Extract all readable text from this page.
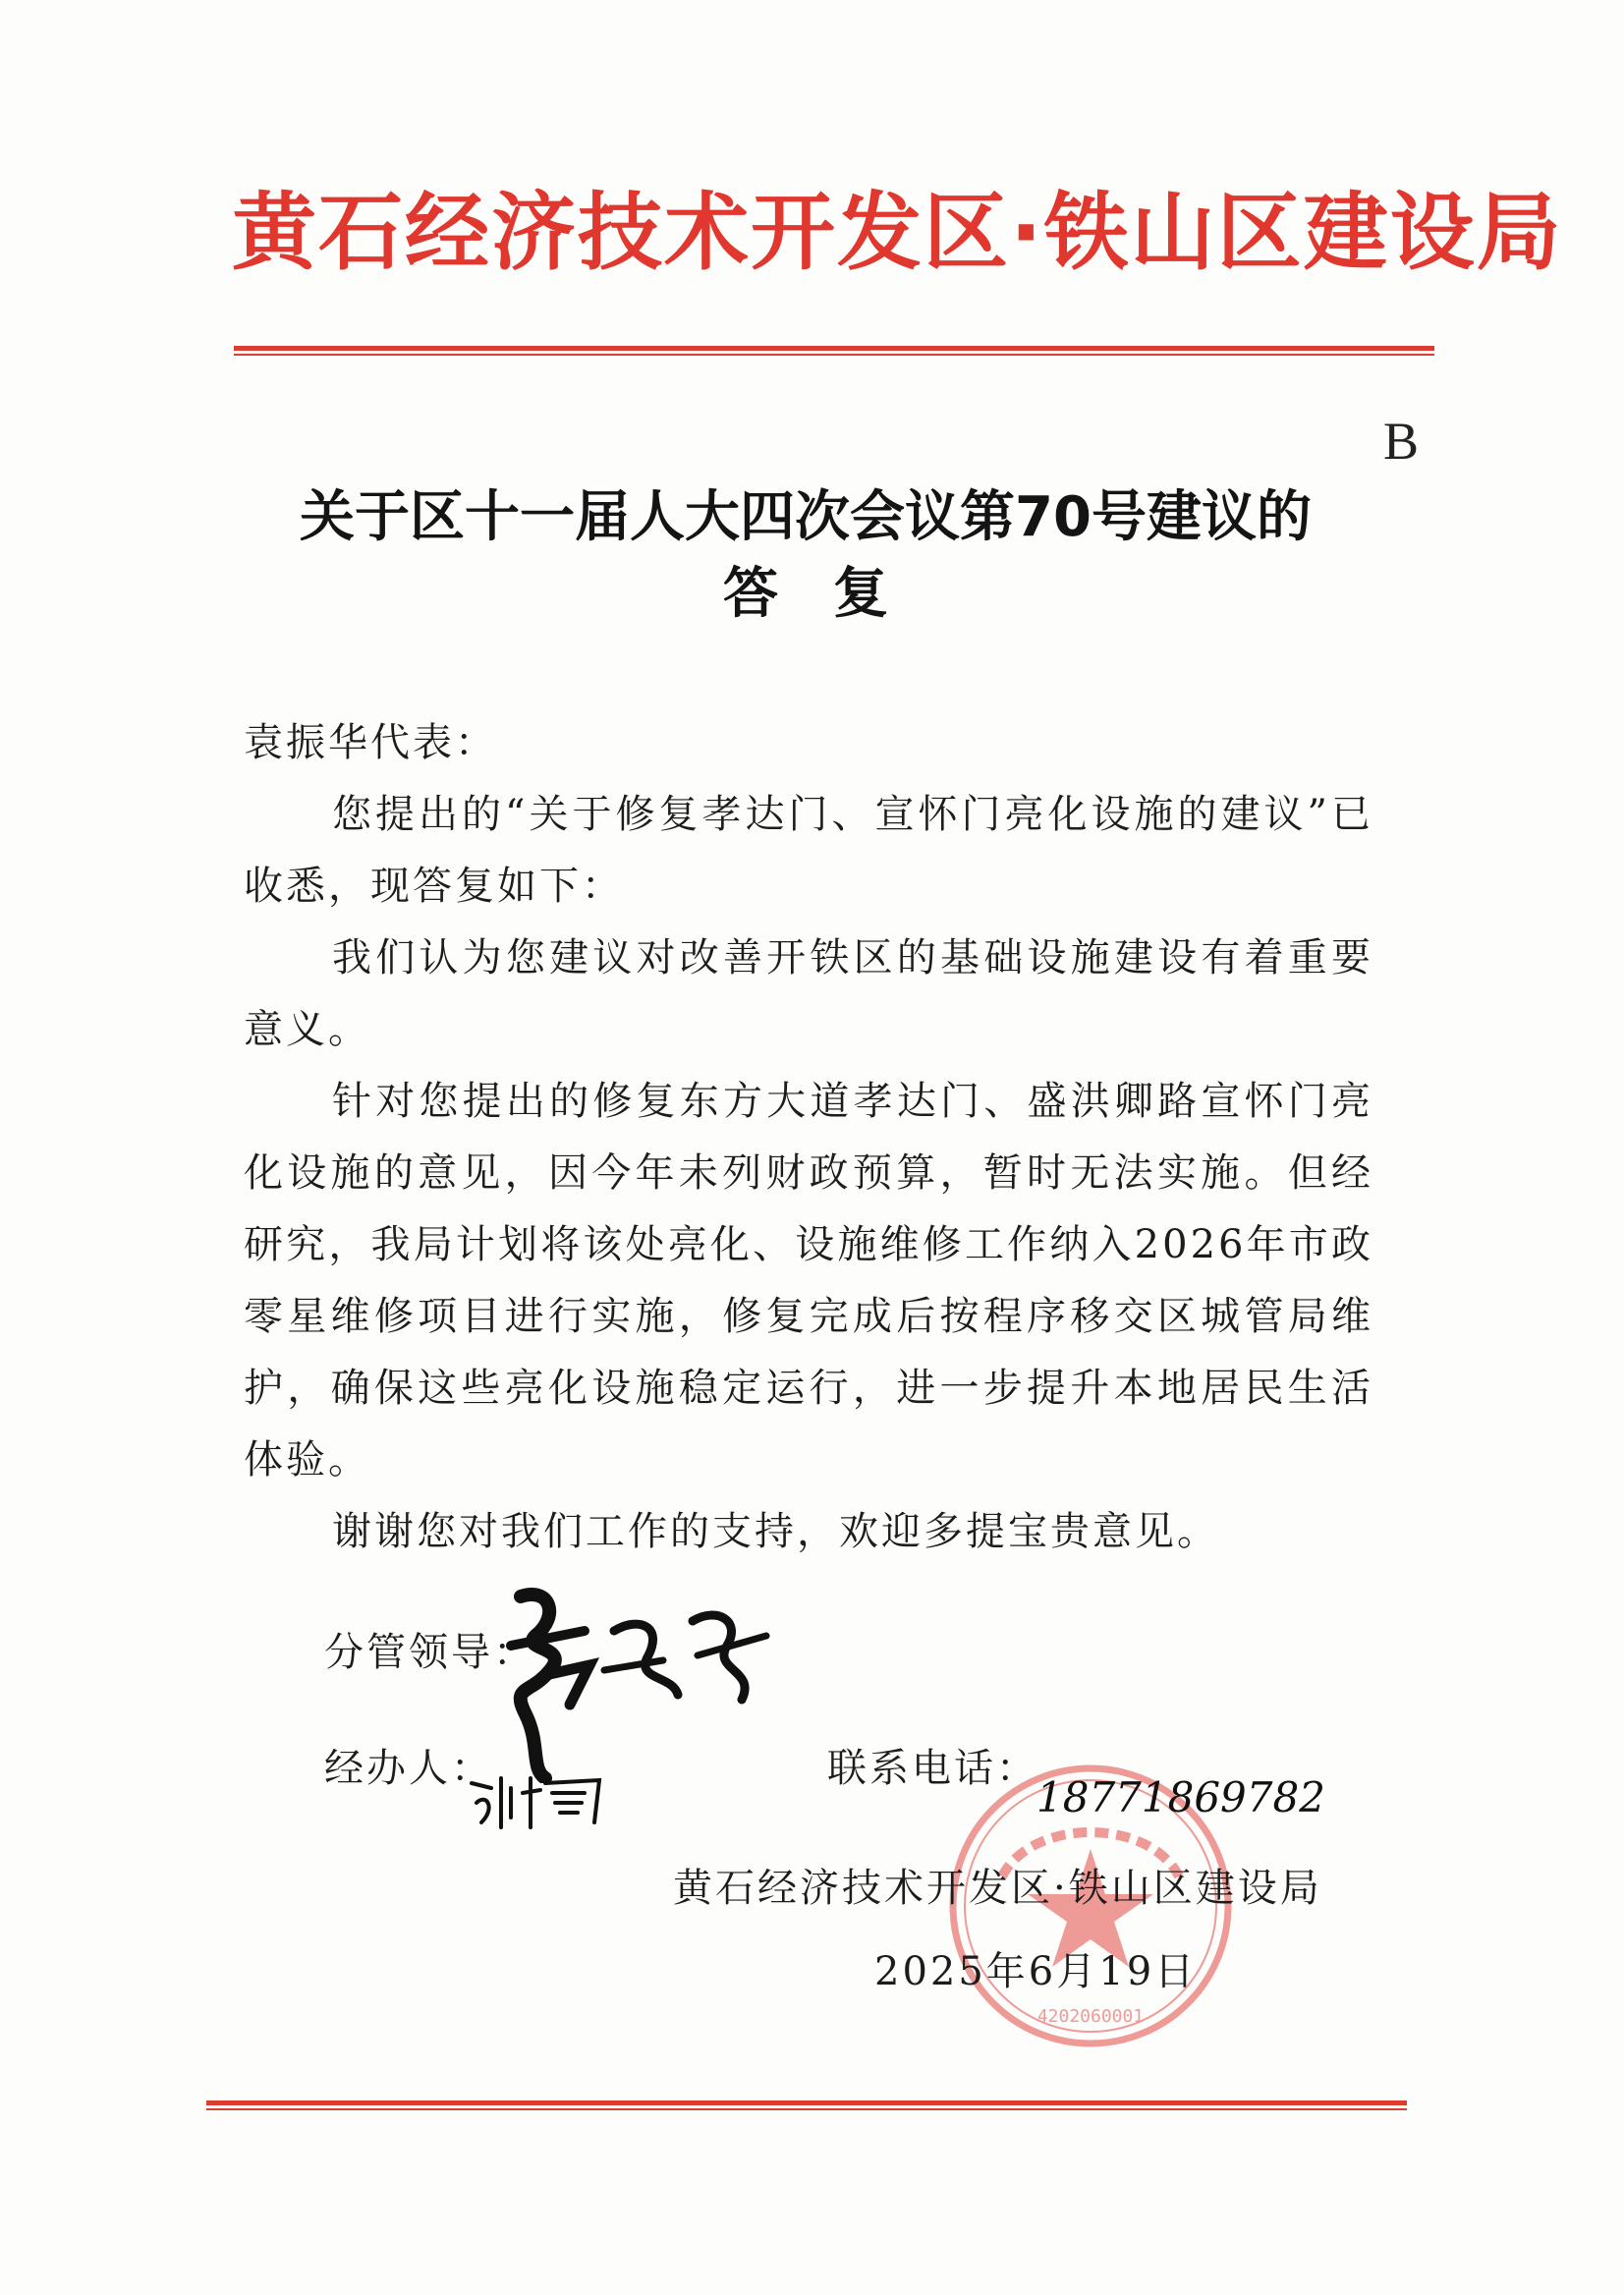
黄石经济技术开发区·铁山区建设局
B
关于区十一届人大四次会议第70号建议的
答　复

袁振华代表：

您提出的“关于修复孝达门、宣怀门亮化设施的建议”已收悉，现答复如下：

我们认为您建议对改善开铁区的基础设施建设有着重要意义。

针对您提出的修复东方大道孝达门、盛洪卿路宣怀门亮化设施的意见，因今年未列财政预算，暂时无法实施。但经研究，我局计划将该处亮化、设施维修工作纳入2026年市政零星维修项目进行实施，修复完成后按程序移交区城管局维护，确保这些亮化设施稳定运行，进一步提升本地居民生活体验。

谢谢您对我们工作的支持，欢迎多提宝贵意见。

分管领导：
经办人：	联系电话：
4202060001
18771869782
黄石经济技术开发区·铁山区建设局
2025年6月19日
